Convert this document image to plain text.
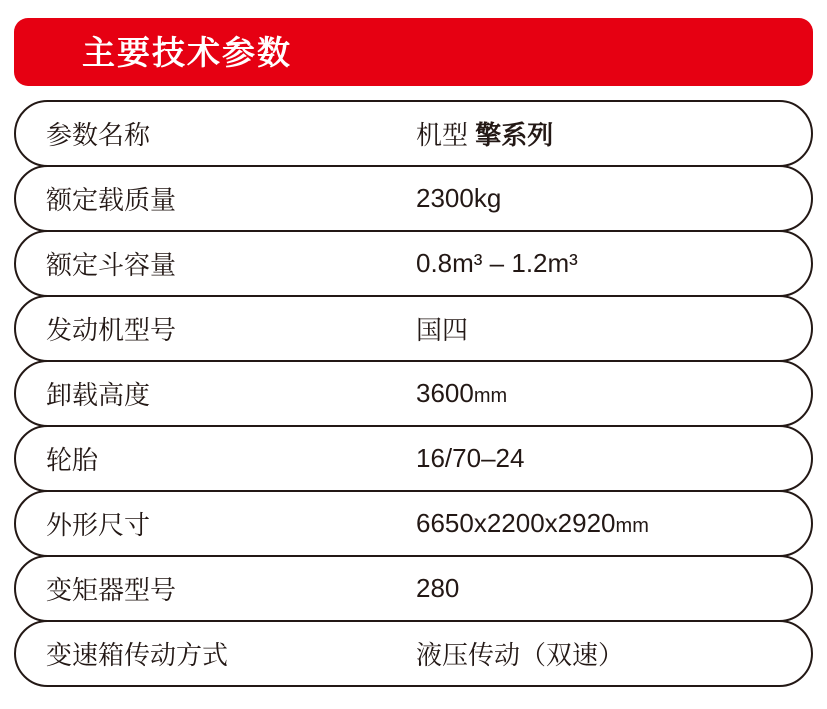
主要技术参数
参数名称	机型 擎系列
额定载质量	2300kg
额定斗容量	0.8m³ – 1.2m³
发动机型号	国四
卸载高度	3600mm
轮胎	16/70–24
外形尺寸	6650x2200x2920mm
变矩器型号	280
变速箱传动方式	液压传动（双速）
